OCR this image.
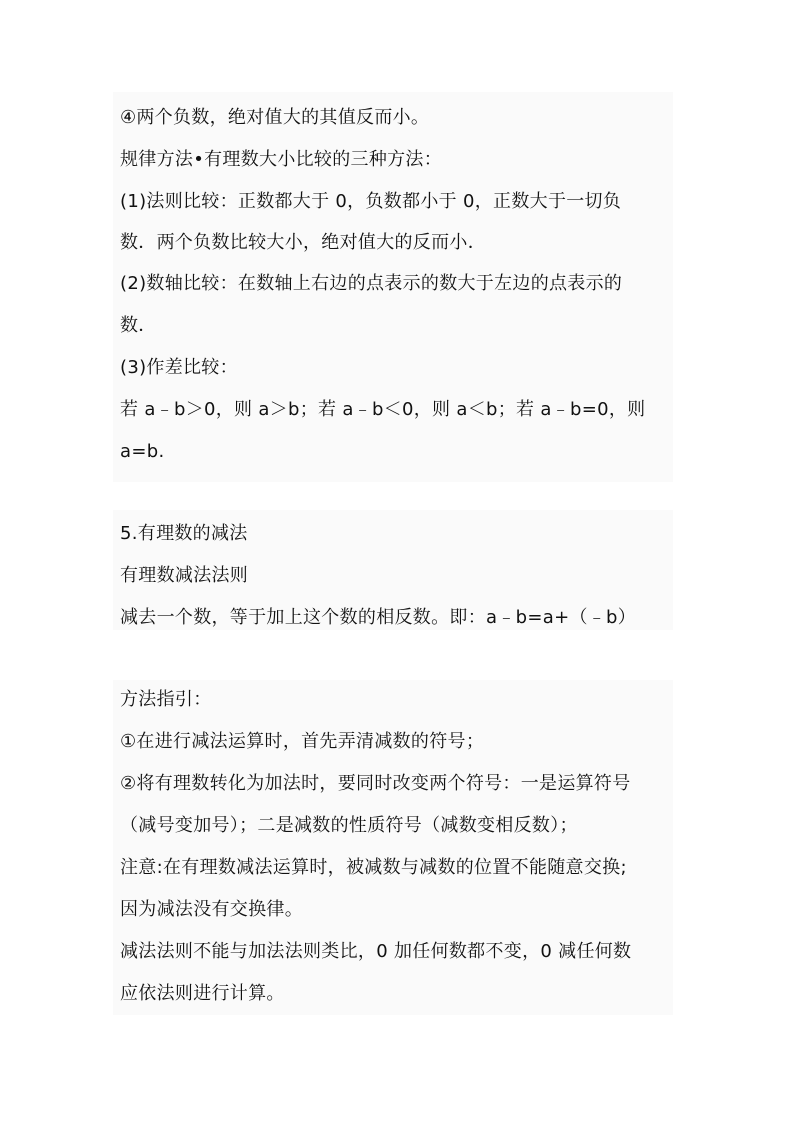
④两个负数，绝对值大的其值反而小。

规律方法•有理数大小比较的三种方法：

(1)法则比较：正数都大于 0，负数都小于 0，正数大于一切负

数．两个负数比较大小，绝对值大的反而小．

(2)数轴比较：在数轴上右边的点表示的数大于左边的点表示的

数．

(3)作差比较：

若 a﹣b＞0，则 a＞b；若 a﹣b＜0，则 a＜b；若 a﹣b=0，则

a=b.

5.有理数的减法

有理数减法法则

减去一个数，等于加上这个数的相反数。即：a﹣b=a+（﹣b）

方法指引：

①在进行减法运算时，首先弄清减数的符号；

②将有理数转化为加法时，要同时改变两个符号：一是运算符号

（减号变加号）；二是减数的性质符号（减数变相反数）；

注意:在有理数减法运算时，被减数与减数的位置不能随意交换;

因为减法没有交换律。

减法法则不能与加法法则类比，0 加任何数都不变，0 减任何数

应依法则进行计算。
